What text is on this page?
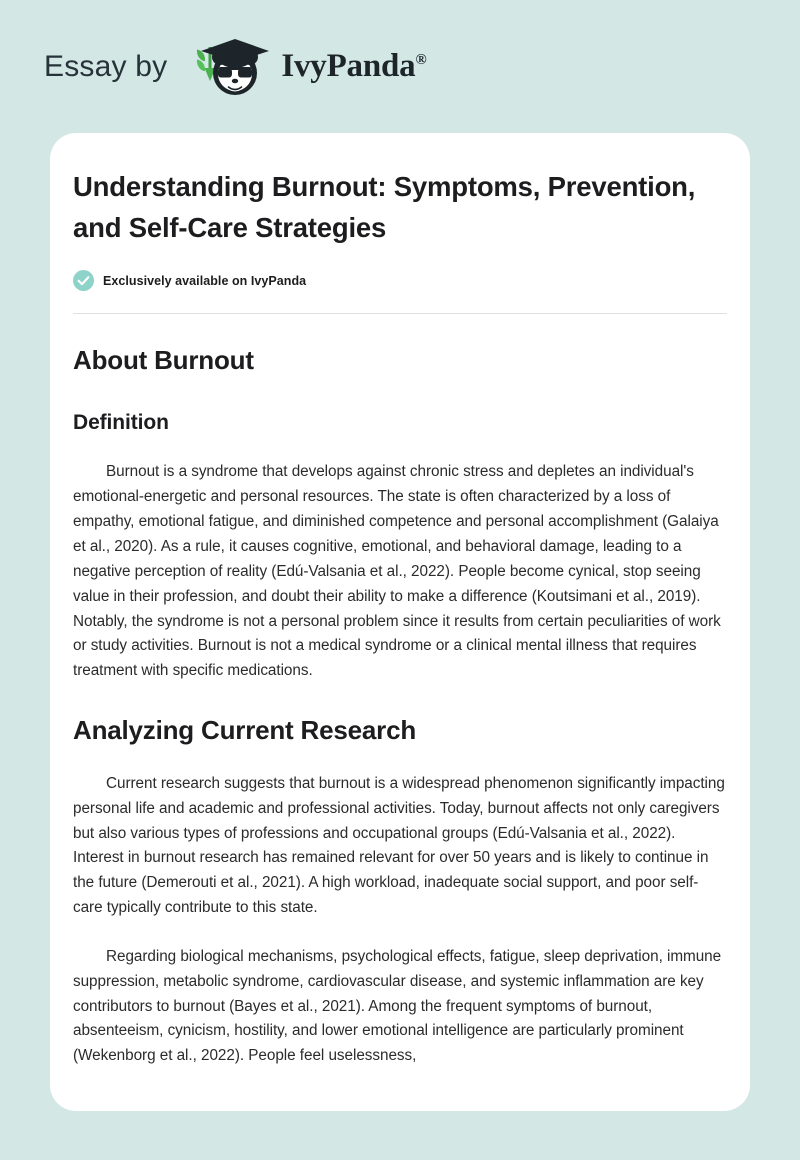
Essay by	IvyPanda®
Understanding Burnout: Symptoms, Prevention, and Self-Care Strategies
Exclusively available on IvyPanda
About Burnout
Definition

Burnout is a syndrome that develops against chronic stress and depletes an individual's emotional-energetic and personal resources. The state is often characterized by a loss of empathy, emotional fatigue, and diminished competence and personal accomplishment (Galaiya et al., 2020). As a rule, it causes cognitive, emotional, and behavioral damage, leading to a negative perception of reality (Edú-Valsania et al., 2022). People become cynical, stop seeing value in their profession, and doubt their ability to make a difference (Koutsimani et al., 2019). Notably, the syndrome is not a personal problem since it results from certain peculiarities of work or study activities. Burnout is not a medical syndrome or a clinical mental illness that requires treatment with specific medications.

Analyzing Current Research

Current research suggests that burnout is a widespread phenomenon significantly impacting personal life and academic and professional activities. Today, burnout affects not only caregivers but also various types of professions and occupational groups (Edú-Valsania et al., 2022). Interest in burnout research has remained relevant for over 50 years and is likely to continue in the future (Demerouti et al., 2021). A high workload, inadequate social support, and poor self-care typically contribute to this state.

Regarding biological mechanisms, psychological effects, fatigue, sleep deprivation, immune suppression, metabolic syndrome, cardiovascular disease, and systemic inflammation are key contributors to burnout (Bayes et al., 2021). Among the frequent symptoms of burnout, absenteeism, cynicism, hostility, and lower emotional intelligence are particularly prominent (Wekenborg et al., 2022). People feel uselessness,
